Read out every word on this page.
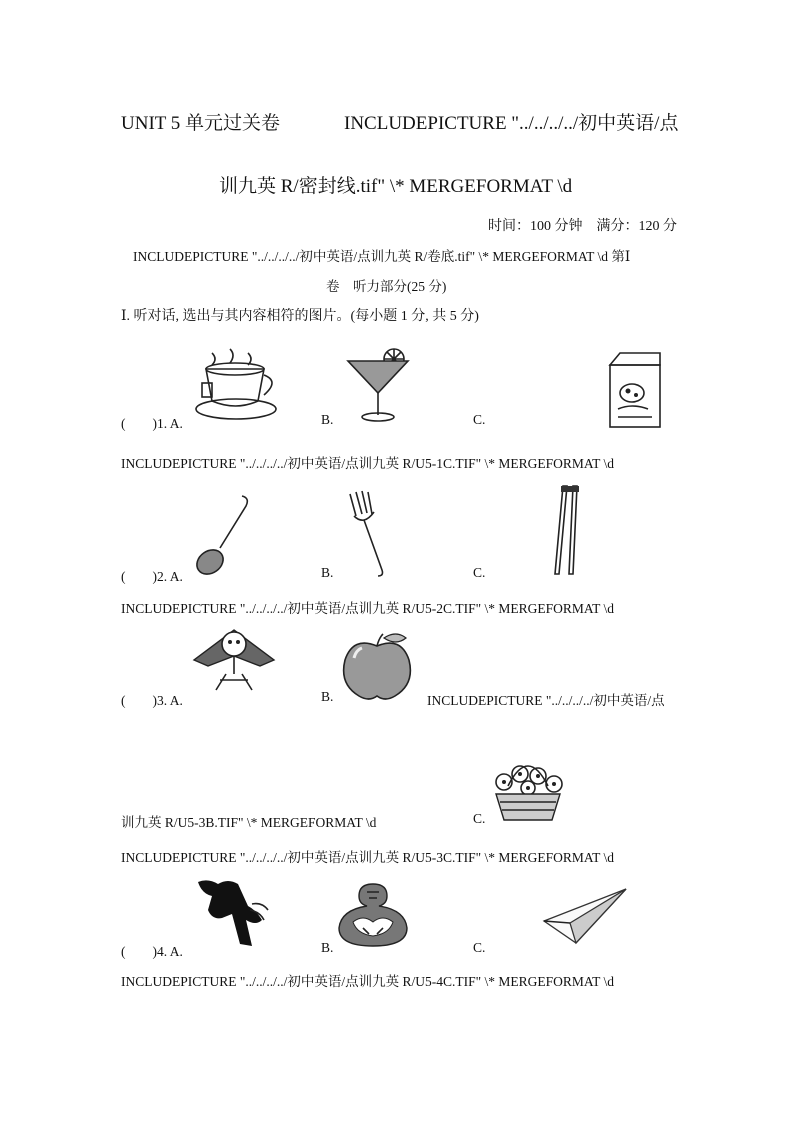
UNIT 5 单元过关卷	INCLUDEPICTURE "../../../../初中英语/点
训九英 R/密封线.tif" \* MERGEFORMAT \d
时间：100 分钟　满分：120 分
INCLUDEPICTURE "../../../../初中英语/点训九英 R/卷底.tif" \* MERGEFORMAT \d 第Ⅰ
卷　听力部分(25 分)
Ⅰ. 听对话, 选出与其内容相符的图片。(每小题 1 分, 共 5 分)
(　　)1. A.	B.	C.
INCLUDEPICTURE "../../../../初中英语/点训九英 R/U5-1C.TIF" \* MERGEFORMAT \d
(　　)2. A.	B.	C.
INCLUDEPICTURE "../../../../初中英语/点训九英 R/U5-2C.TIF" \* MERGEFORMAT \d
(　　)3. A.	B.	INCLUDEPICTURE "../../../../初中英语/点
训九英 R/U5-3B.TIF" \* MERGEFORMAT \d	C.
INCLUDEPICTURE "../../../../初中英语/点训九英 R/U5-3C.TIF" \* MERGEFORMAT \d
(　　)4. A.	B.	C.
INCLUDEPICTURE "../../../../初中英语/点训九英 R/U5-4C.TIF" \* MERGEFORMAT \d
